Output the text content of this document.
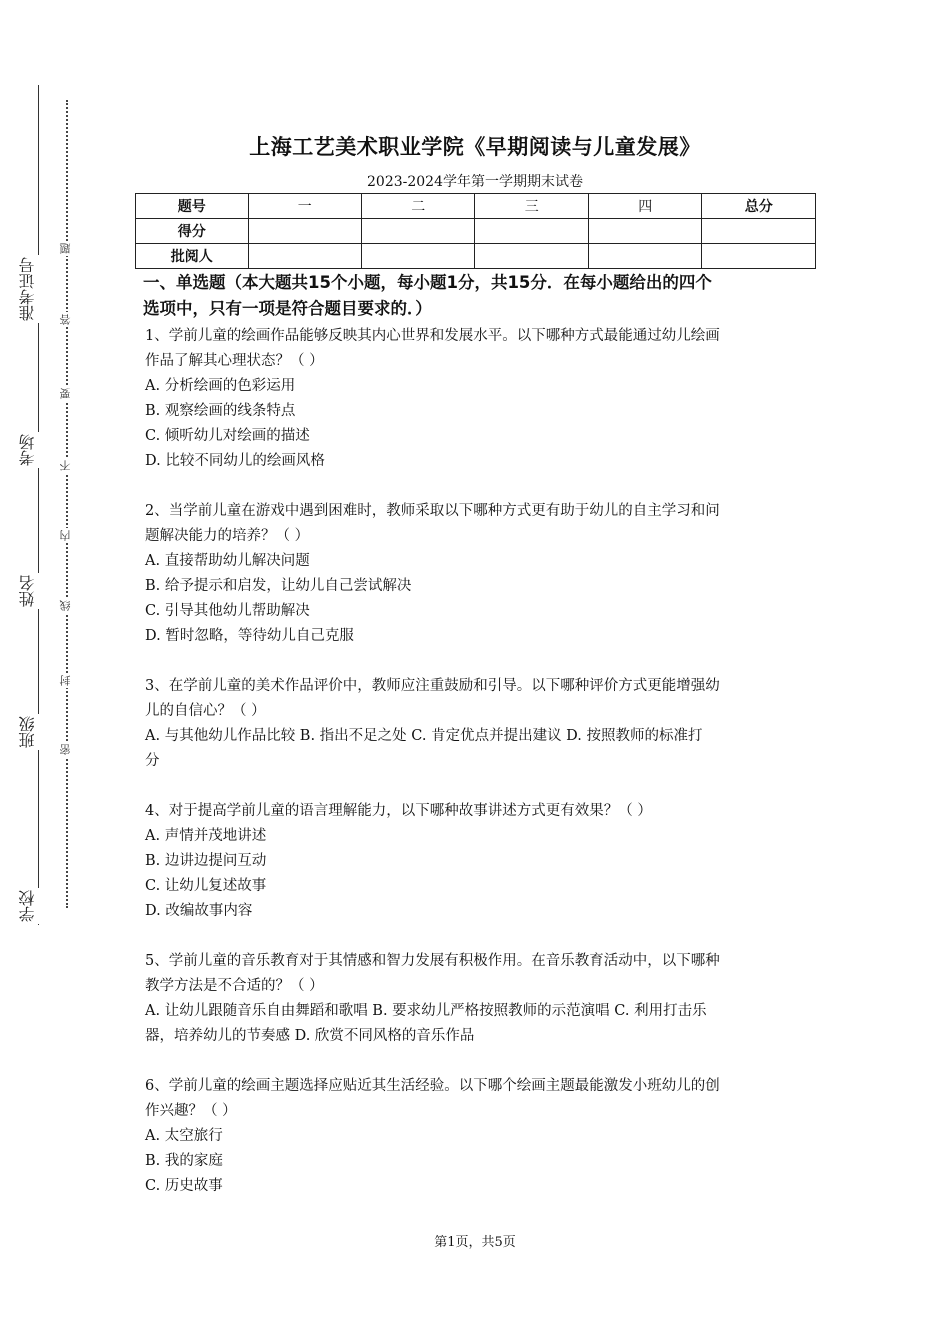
准考证号
考场
姓名
班级
学校
密
封
线
内
不
要
答
题
上海工艺美术职业学院《早期阅读与儿童发展》
2023-2024学年第一学期期末试卷
题号	一	二	三	四	总分
得分					
批阅人					
一、单选题（本大题共15个小题，每小题1分，共15分．在每小题给出的四个
选项中，只有一项是符合题目要求的．）
1、学前儿童的绘画作品能够反映其内心世界和发展水平。以下哪种方式最能通过幼儿绘画
作品了解其心理状态？（ ）
A. 分析绘画的色彩运用
B. 观察绘画的线条特点
C. 倾听幼儿对绘画的描述
D. 比较不同幼儿的绘画风格
2、当学前儿童在游戏中遇到困难时，教师采取以下哪种方式更有助于幼儿的自主学习和问
题解决能力的培养？（ ）
A. 直接帮助幼儿解决问题
B. 给予提示和启发，让幼儿自己尝试解决
C. 引导其他幼儿帮助解决
D. 暂时忽略，等待幼儿自己克服
3、在学前儿童的美术作品评价中，教师应注重鼓励和引导。以下哪种评价方式更能增强幼
儿的自信心？（ ）
A. 与其他幼儿作品比较 B. 指出不足之处 C. 肯定优点并提出建议 D. 按照教师的标准打
分
4、对于提高学前儿童的语言理解能力，以下哪种故事讲述方式更有效果？（ ）
A. 声情并茂地讲述
B. 边讲边提问互动
C. 让幼儿复述故事
D. 改编故事内容
5、学前儿童的音乐教育对于其情感和智力发展有积极作用。在音乐教育活动中，以下哪种
教学方法是不合适的？（ ）
A. 让幼儿跟随音乐自由舞蹈和歌唱 B. 要求幼儿严格按照教师的示范演唱 C. 利用打击乐
器，培养幼儿的节奏感 D. 欣赏不同风格的音乐作品
6、学前儿童的绘画主题选择应贴近其生活经验。以下哪个绘画主题最能激发小班幼儿的创
作兴趣？（ ）
A. 太空旅行
B. 我的家庭
C. 历史故事
第1页，共5页
